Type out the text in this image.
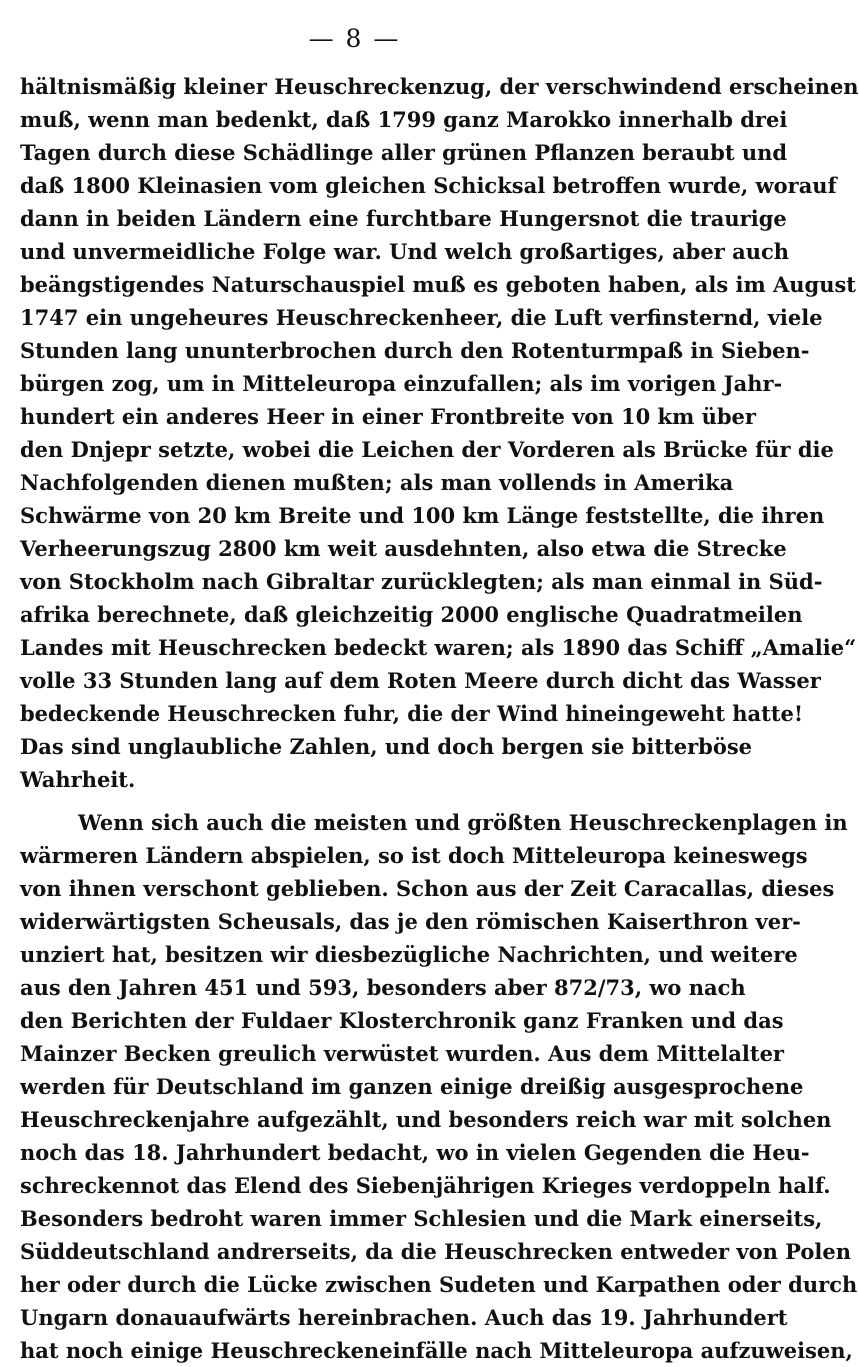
— 8 —
hältnismäßig kleiner Heuschreckenzug, der verschwindend erscheinen
muß, wenn man bedenkt, daß 1799 ganz Marokko innerhalb drei
Tagen durch diese Schädlinge aller grünen Pflanzen beraubt und
daß 1800 Kleinasien vom gleichen Schicksal betroffen wurde, worauf
dann in beiden Ländern eine furchtbare Hungersnot die traurige
und unvermeidliche Folge war. Und welch großartiges, aber auch
beängstigendes Naturschauspiel muß es geboten haben, als im August
1747 ein ungeheures Heuschreckenheer, die Luft verfinsternd, viele
Stunden lang ununterbrochen durch den Rotenturmpaß in Sieben-
bürgen zog, um in Mitteleuropa einzufallen; als im vorigen Jahr-
hundert ein anderes Heer in einer Frontbreite von 10 km über
den Dnjepr setzte, wobei die Leichen der Vorderen als Brücke für die
Nachfolgenden dienen mußten; als man vollends in Amerika
Schwärme von 20 km Breite und 100 km Länge feststellte, die ihren
Verheerungszug 2800 km weit ausdehnten, also etwa die Strecke
von Stockholm nach Gibraltar zurücklegten; als man einmal in Süd-
afrika berechnete, daß gleichzeitig 2000 englische Quadratmeilen
Landes mit Heuschrecken bedeckt waren; als 1890 das Schiff „Amalie“
volle 33 Stunden lang auf dem Roten Meere durch dicht das Wasser
bedeckende Heuschrecken fuhr, die der Wind hineingeweht hatte!
Das sind unglaubliche Zahlen, und doch bergen sie bitterböse
Wahrheit.
Wenn sich auch die meisten und größten Heuschreckenplagen in
wärmeren Ländern abspielen, so ist doch Mitteleuropa keineswegs
von ihnen verschont geblieben. Schon aus der Zeit Caracallas, dieses
widerwärtigsten Scheusals, das je den römischen Kaiserthron ver-
unziert hat, besitzen wir diesbezügliche Nachrichten, und weitere
aus den Jahren 451 und 593, besonders aber 872/73, wo nach
den Berichten der Fuldaer Klosterchronik ganz Franken und das
Mainzer Becken greulich verwüstet wurden. Aus dem Mittelalter
werden für Deutschland im ganzen einige dreißig ausgesprochene
Heuschreckenjahre aufgezählt, und besonders reich war mit solchen
noch das 18. Jahrhundert bedacht, wo in vielen Gegenden die Heu-
schreckennot das Elend des Siebenjährigen Krieges verdoppeln half.
Besonders bedroht waren immer Schlesien und die Mark einerseits,
Süddeutschland andrerseits, da die Heuschrecken entweder von Polen
her oder durch die Lücke zwischen Sudeten und Karpathen oder durch
Ungarn donauaufwärts hereinbrachen. Auch das 19. Jahrhundert
hat noch einige Heuschreckeneinfälle nach Mitteleuropa aufzuweisen,
